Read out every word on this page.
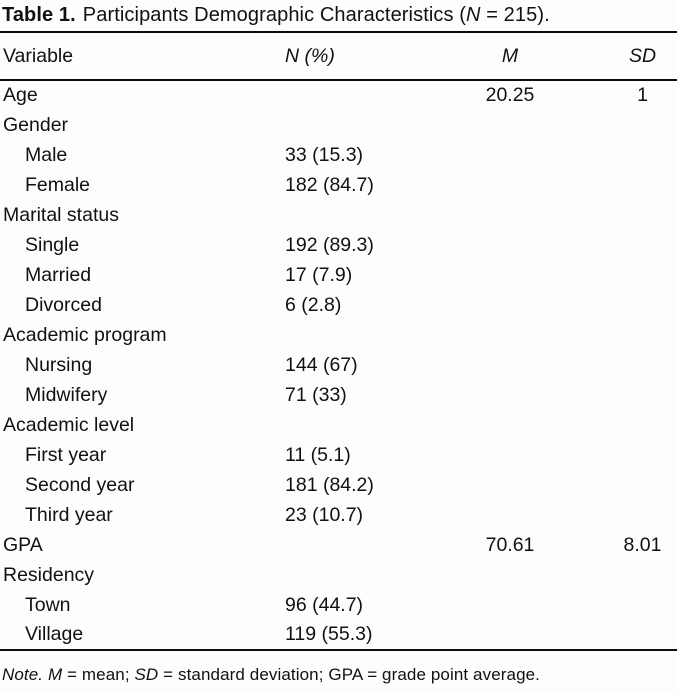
Table 1. Participants Demographic Characteristics (N = 215).
Variable	N (%)	M	SD
Age		20.25	1
Gender			
Male	33 (15.3)		
Female	182 (84.7)		
Marital status			
Single	192 (89.3)		
Married	17 (7.9)		
Divorced	6 (2.8)		
Academic program			
Nursing	144 (67)		
Midwifery	71 (33)		
Academic level			
First year	11 (5.1)		
Second year	181 (84.2)		
Third year	23 (10.7)		
GPA		70.61	8.01
Residency			
Town	96 (44.7)		
Village	119 (55.3)		
Note. M = mean; SD = standard deviation; GPA = grade point average.
